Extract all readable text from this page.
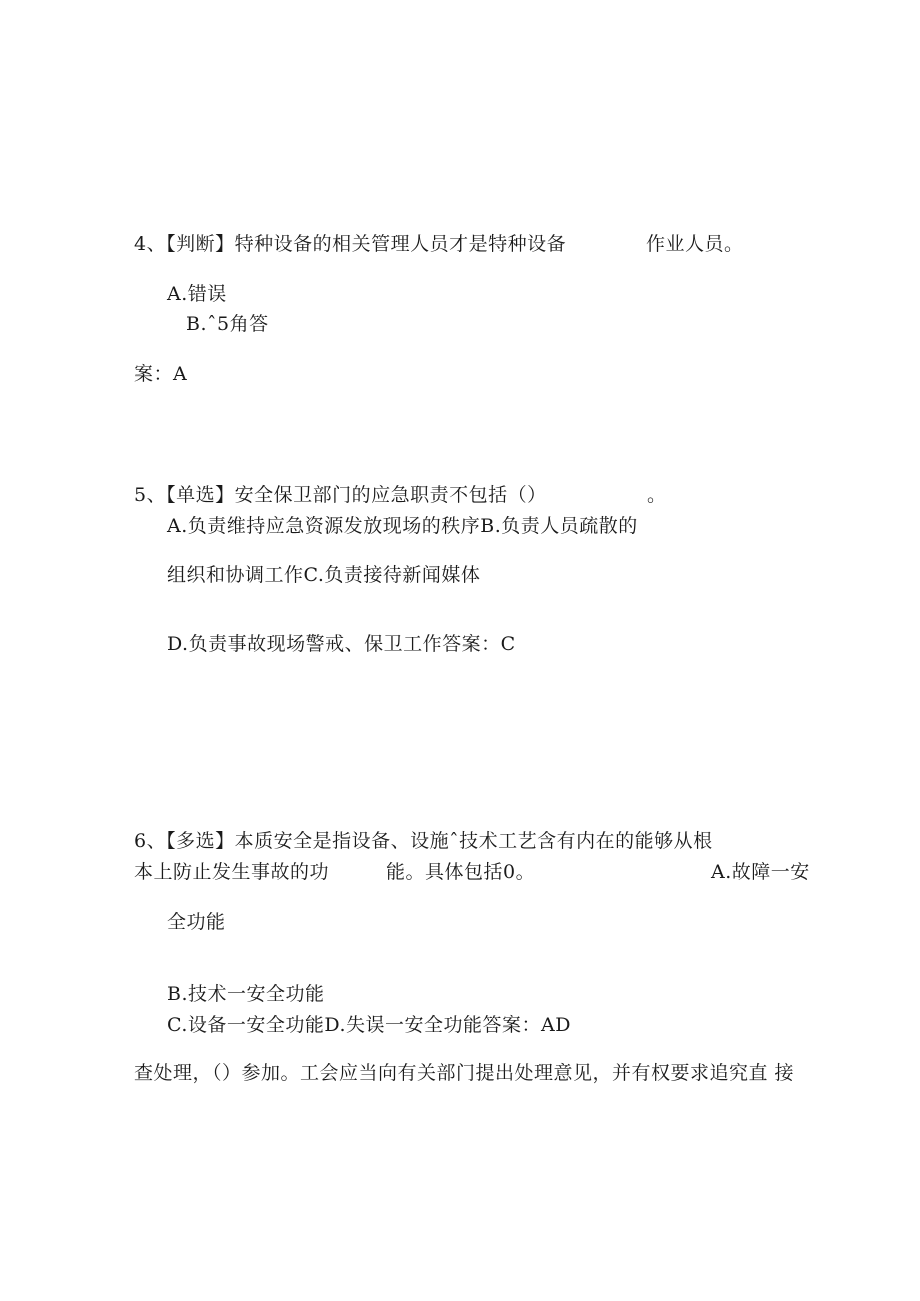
4、【判断】特种设备的相关管理人员才是特种设备	作业人员。
A.错误
B.ˆ5角答
案：A
5、【单选】安全保卫部门的应急职责不包括（）	。
A.负责维持应急资源发放现场的秩序B.负责人员疏散的
组织和协调工作C.负责接待新闻媒体
D.负责事故现场警戒、保卫工作答案：C
6、【多选】本质安全是指设备、设施ˆ技术工艺含有内在的能够从根
本上防止发生事故的功	能。具体包括0。	A.故障一安
全功能
B.技术一安全功能
C.设备一安全功能D.失误一安全功能答案：AD
查处理，（）参加。工会应当向有关部门提出处理意见，并有权要求追究直 接
